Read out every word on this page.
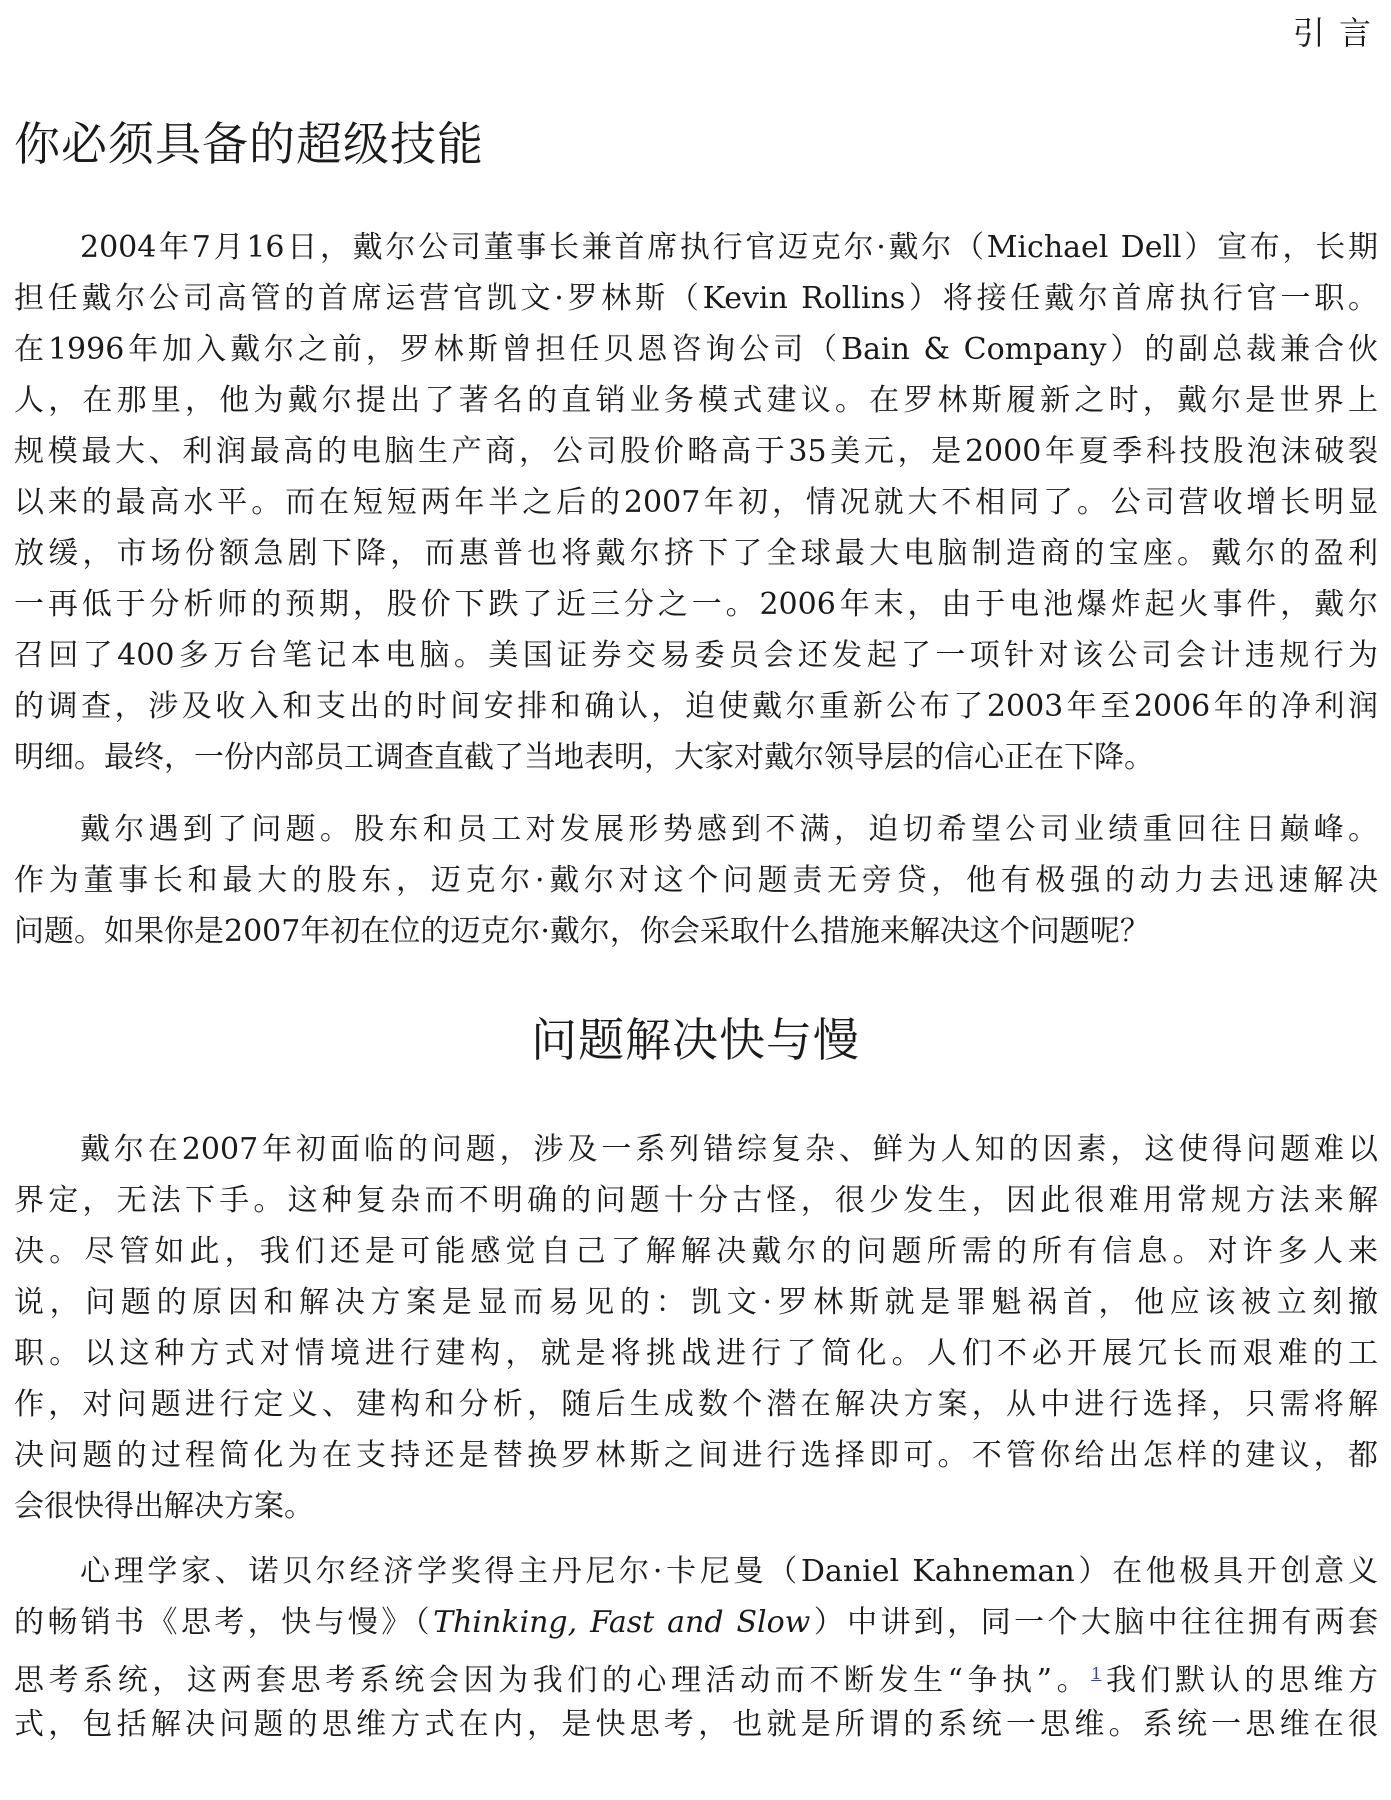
引 言
你必须具备的超级技能
2004年7月16日，戴尔公司董事长兼首席执行官迈克尔·戴尔（Michael Dell）宣布，长期
担任戴尔公司高管的首席运营官凯文·罗林斯（Kevin Rollins）将接任戴尔首席执行官一职。
在1996年加入戴尔之前，罗林斯曾担任贝恩咨询公司（Bain & Company）的副总裁兼合伙
人，在那里，他为戴尔提出了著名的直销业务模式建议。在罗林斯履新之时，戴尔是世界上
规模最大、利润最高的电脑生产商，公司股价略高于35美元，是2000年夏季科技股泡沫破裂
以来的最高水平。而在短短两年半之后的2007年初，情况就大不相同了。公司营收增长明显
放缓，市场份额急剧下降，而惠普也将戴尔挤下了全球最大电脑制造商的宝座。戴尔的盈利
一再低于分析师的预期，股价下跌了近三分之一。2006年末，由于电池爆炸起火事件，戴尔
召回了400多万台笔记本电脑。美国证券交易委员会还发起了一项针对该公司会计违规行为
的调查，涉及收入和支出的时间安排和确认，迫使戴尔重新公布了2003年至2006年的净利润
明细。最终，一份内部员工调查直截了当地表明，大家对戴尔领导层的信心正在下降。
戴尔遇到了问题。股东和员工对发展形势感到不满，迫切希望公司业绩重回往日巅峰。
作为董事长和最大的股东，迈克尔·戴尔对这个问题责无旁贷，他有极强的动力去迅速解决
问题。如果你是2007年初在位的迈克尔·戴尔，你会采取什么措施来解决这个问题呢？
问题解决快与慢
戴尔在2007年初面临的问题，涉及一系列错综复杂、鲜为人知的因素，这使得问题难以
界定，无法下手。这种复杂而不明确的问题十分古怪，很少发生，因此很难用常规方法来解
决。尽管如此，我们还是可能感觉自己了解解决戴尔的问题所需的所有信息。对许多人来
说，问题的原因和解决方案是显而易见的：凯文·罗林斯就是罪魁祸首，他应该被立刻撤
职。以这种方式对情境进行建构，就是将挑战进行了简化。人们不必开展冗长而艰难的工
作，对问题进行定义、建构和分析，随后生成数个潜在解决方案，从中进行选择，只需将解
决问题的过程简化为在支持还是替换罗林斯之间进行选择即可。不管你给出怎样的建议，都
会很快得出解决方案。
心理学家、诺贝尔经济学奖得主丹尼尔·卡尼曼（Daniel Kahneman）在他极具开创意义
的畅销书《思考，快与慢》（Thinking, Fast and Slow）中讲到，同一个大脑中往往拥有两套
思考系统，这两套思考系统会因为我们的心理活动而不断发生“争执”。$^1$我们默认的思维方
式，包括解决问题的思维方式在内，是快思考，也就是所谓的系统一思维。系统一思维在很
